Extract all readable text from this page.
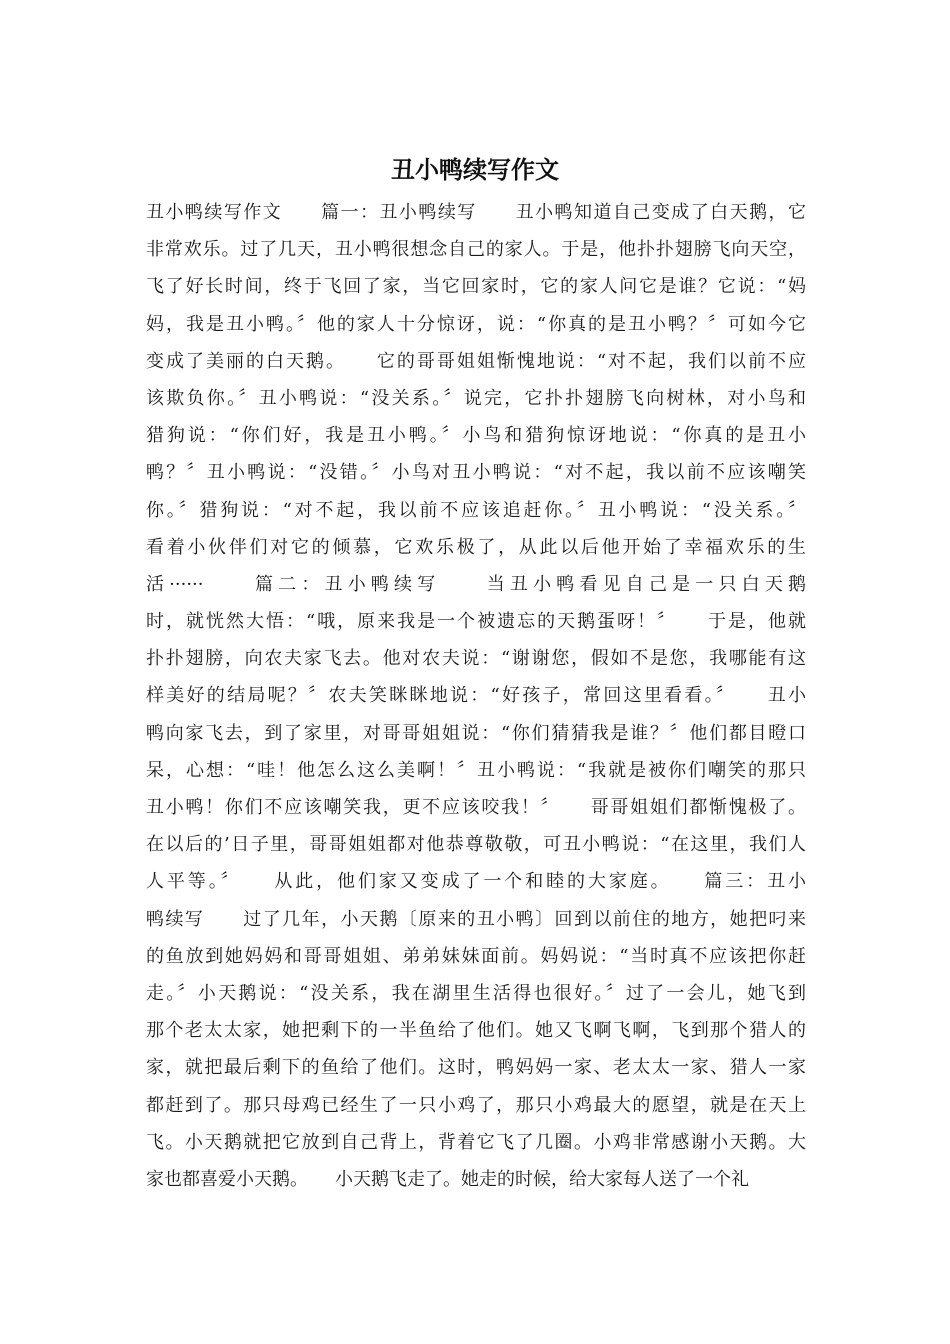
丑小鸭续写作文
丑小鸭续写作文　　篇一：丑小鸭续写　　丑小鸭知道自己变成了白天鹅，它
非常欢乐。过了几天，丑小鸭很想念自己的家人。于是，他扑扑翅膀飞向天空，
飞了好长时间，终于飞回了家，当它回家时，它的家人问它是谁？它说：“妈
妈，我是丑小鸭。〞他的家人十分惊讶，说：“你真的是丑小鸭？〞可如今它
变成了美丽的白天鹅。　　它的哥哥姐姐惭愧地说：“对不起，我们以前不应
该欺负你。〞丑小鸭说：“没关系。〞说完，它扑扑翅膀飞向树林，对小鸟和
猎狗说：“你们好，我是丑小鸭。〞小鸟和猎狗惊讶地说：“你真的是丑小
鸭？〞丑小鸭说：“没错。〞小鸟对丑小鸭说：“对不起，我以前不应该嘲笑
你。〞猎狗说：“对不起，我以前不应该追赶你。〞丑小鸭说：“没关系。〞
看着小伙伴们对它的倾慕，它欢乐极了，从此以后他开始了幸福欢乐的生
活······　　篇二：丑小鸭续写　　当丑小鸭看见自己是一只白天鹅
时，就恍然大悟：“哦，原来我是一个被遗忘的天鹅蛋呀！〞　　于是，他就
扑扑翅膀，向农夫家飞去。他对农夫说：“谢谢您，假如不是您，我哪能有这
样美好的结局呢？〞农夫笑眯眯地说：“好孩子，常回这里看看。〞　　丑小
鸭向家飞去，到了家里，对哥哥姐姐说：“你们猜猜我是谁？〞他们都目瞪口
呆，心想：“哇！他怎么这么美啊！〞丑小鸭说：“我就是被你们嘲笑的那只
丑小鸭！你们不应该嘲笑我，更不应该咬我！〞　　哥哥姐姐们都惭愧极了。
在以后的’日子里，哥哥姐姐都对他恭尊敬敬，可丑小鸭说：“在这里，我们人
人平等。〞　　从此，他们家又变成了一个和睦的大家庭。　　篇三：丑小
鸭续写　　过了几年，小天鹅〔原来的丑小鸭〕回到以前住的地方，她把叼来
的鱼放到她妈妈和哥哥姐姐、弟弟妹妹面前。妈妈说：“当时真不应该把你赶
走。〞小天鹅说：“没关系，我在湖里生活得也很好。〞过了一会儿，她飞到
那个老太太家，她把剩下的一半鱼给了他们。她又飞啊飞啊，飞到那个猎人的
家，就把最后剩下的鱼给了他们。这时，鸭妈妈一家、老太太一家、猎人一家
都赶到了。那只母鸡已经生了一只小鸡了，那只小鸡最大的愿望，就是在天上
飞。小天鹅就把它放到自己背上，背着它飞了几圈。小鸡非常感谢小天鹅。大
家也都喜爱小天鹅。　　小天鹅飞走了。她走的时候，给大家每人送了一个礼
